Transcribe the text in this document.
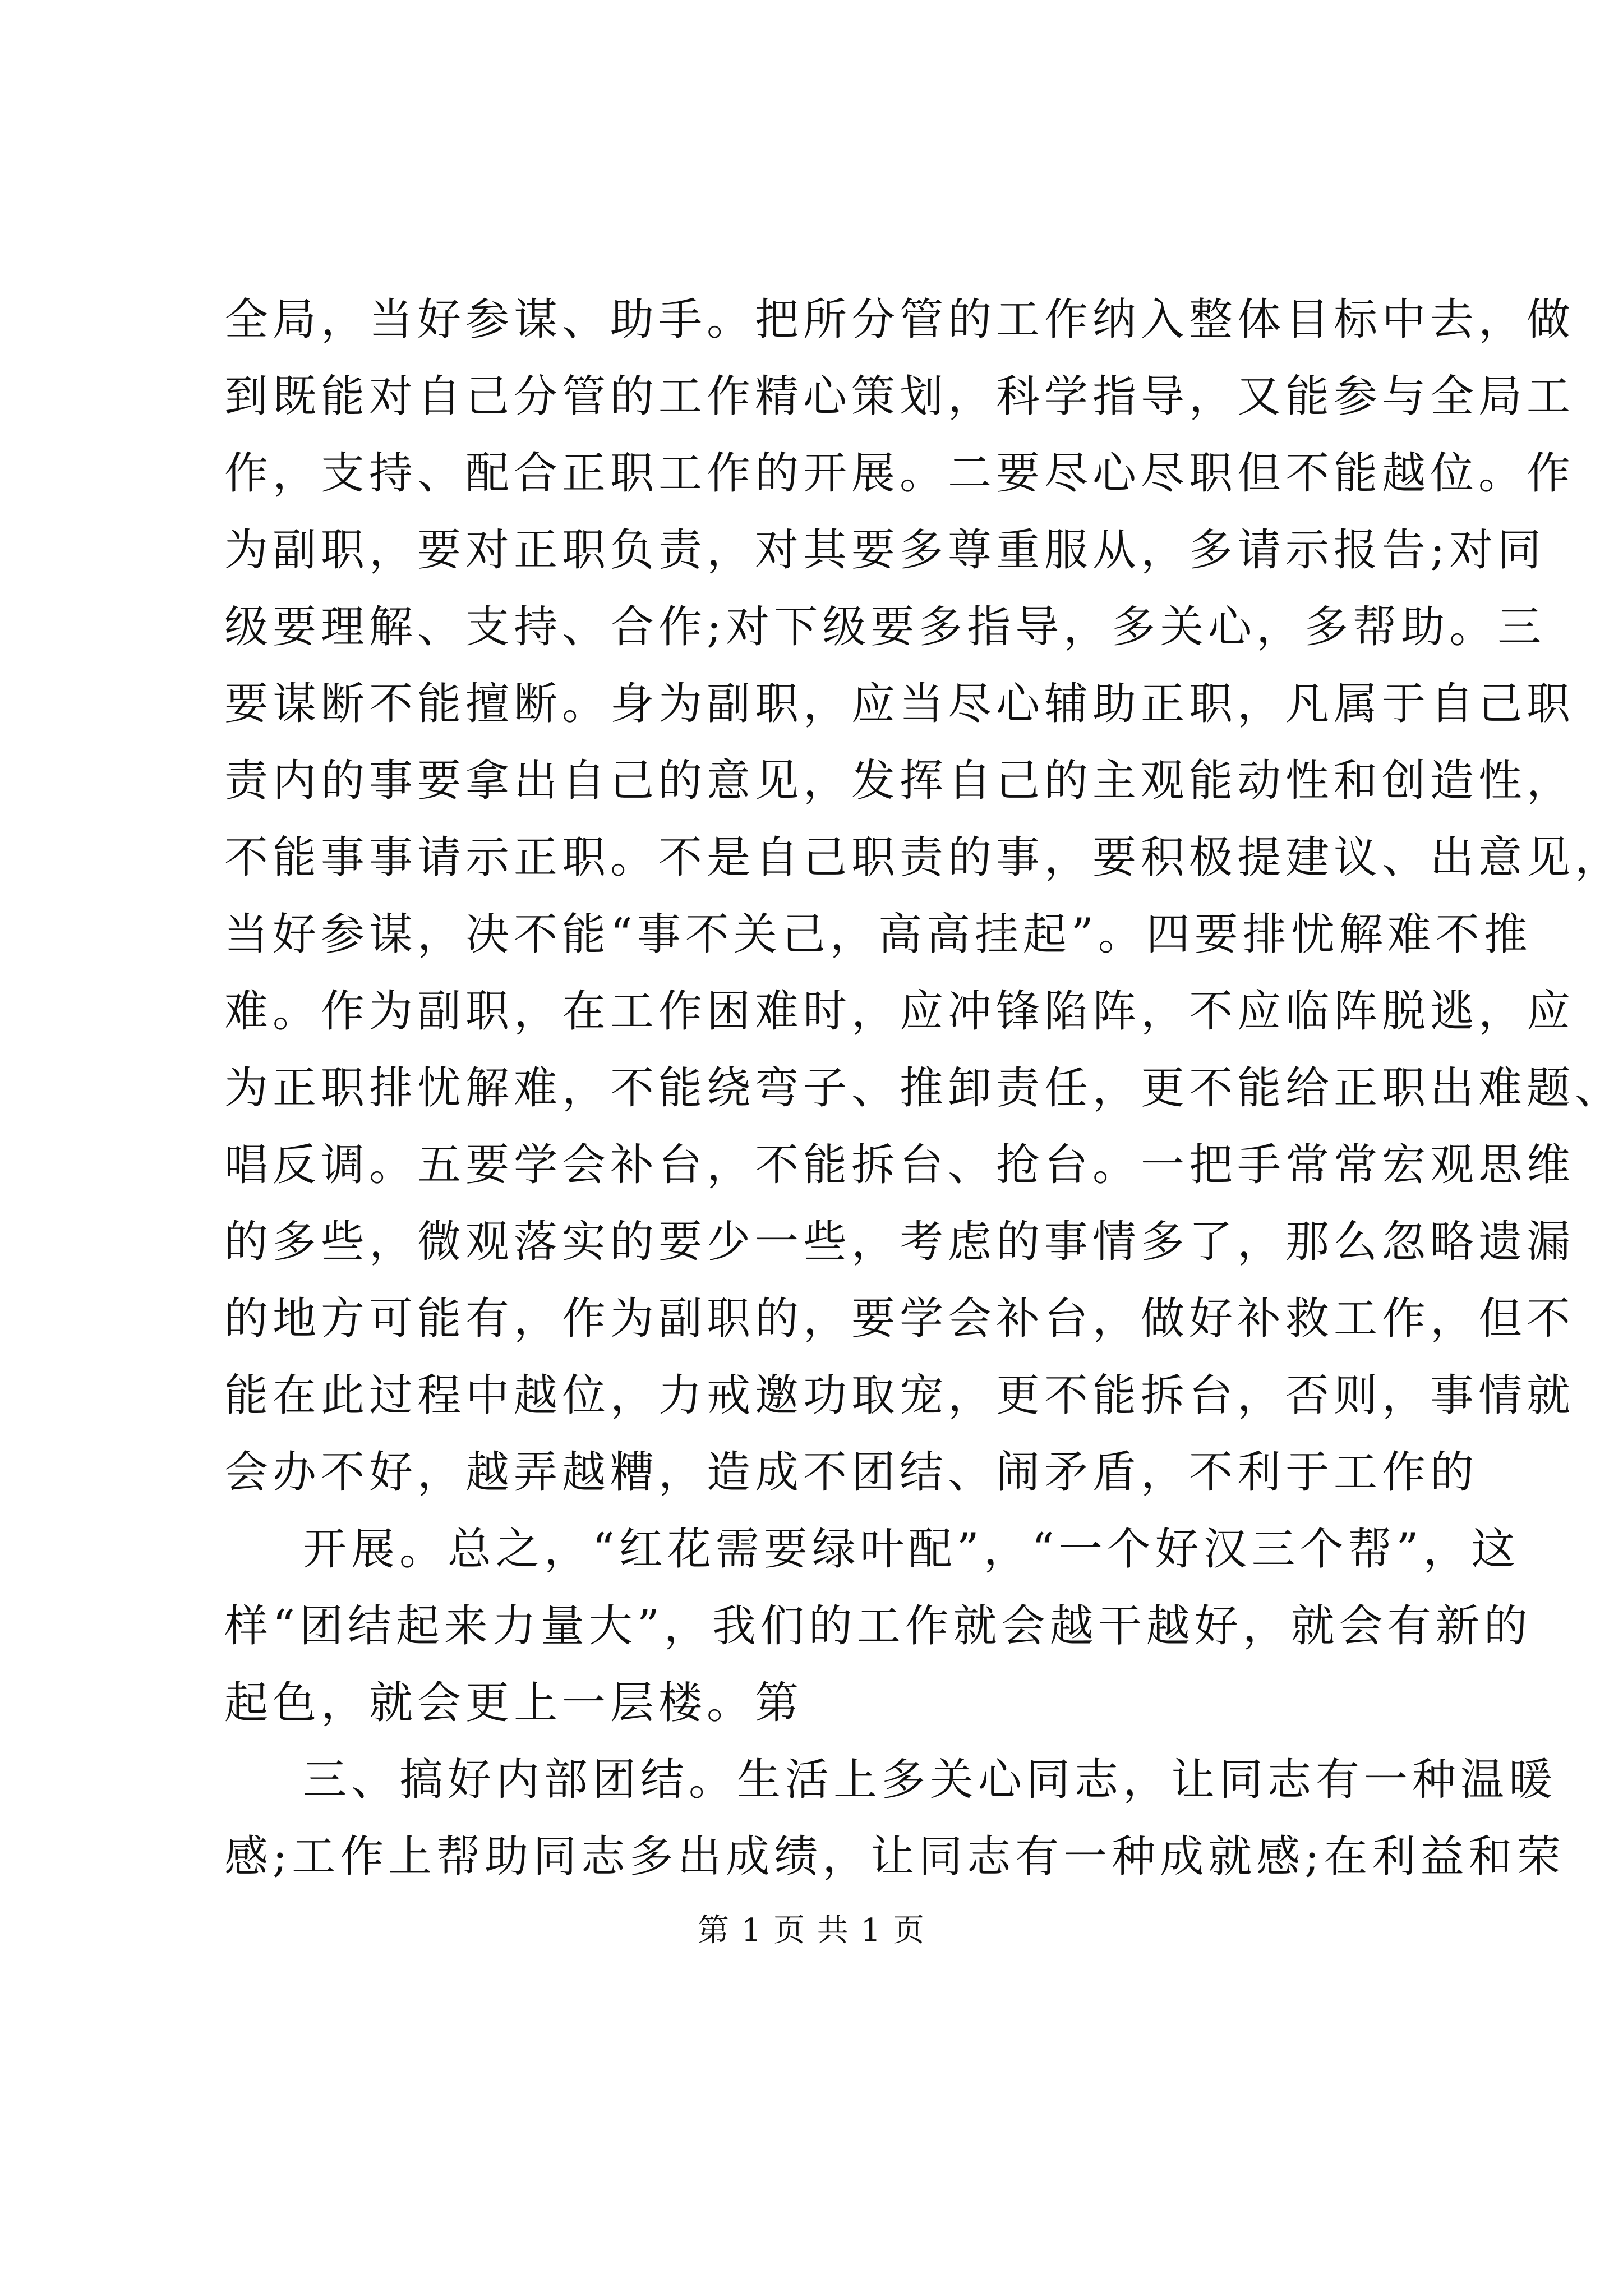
全局，当好参谋、助手。把所分管的工作纳入整体目标中去，做
到既能对自己分管的工作精心策划，科学指导，又能参与全局工
作，支持、配合正职工作的开展。二要尽心尽职但不能越位。作
为副职，要对正职负责，对其要多尊重服从，多请示报告;对同
级要理解、支持、合作;对下级要多指导，多关心，多帮助。三
要谋断不能擅断。身为副职，应当尽心辅助正职，凡属于自己职
责内的事要拿出自己的意见，发挥自己的主观能动性和创造性，
不能事事请示正职。不是自己职责的事，要积极提建议、出意见，
当好参谋，决不能“事不关己，高高挂起”。四要排忧解难不推
难。作为副职，在工作困难时，应冲锋陷阵，不应临阵脱逃，应
为正职排忧解难，不能绕弯子、推卸责任，更不能给正职出难题、
唱反调。五要学会补台，不能拆台、抢台。一把手常常宏观思维
的多些，微观落实的要少一些，考虑的事情多了，那么忽略遗漏
的地方可能有，作为副职的，要学会补台，做好补救工作，但不
能在此过程中越位，力戒邀功取宠，更不能拆台，否则，事情就
会办不好，越弄越糟，造成不团结、闹矛盾，不利于工作的
开展。总之，“红花需要绿叶配”，“一个好汉三个帮”，这
样“团结起来力量大”，我们的工作就会越干越好，就会有新的
起色，就会更上一层楼。第
三、搞好内部团结。生活上多关心同志，让同志有一种温暖
第 1 页 共 1 页
感;工作上帮助同志多出成绩，让同志有一种成就感;在利益和荣
